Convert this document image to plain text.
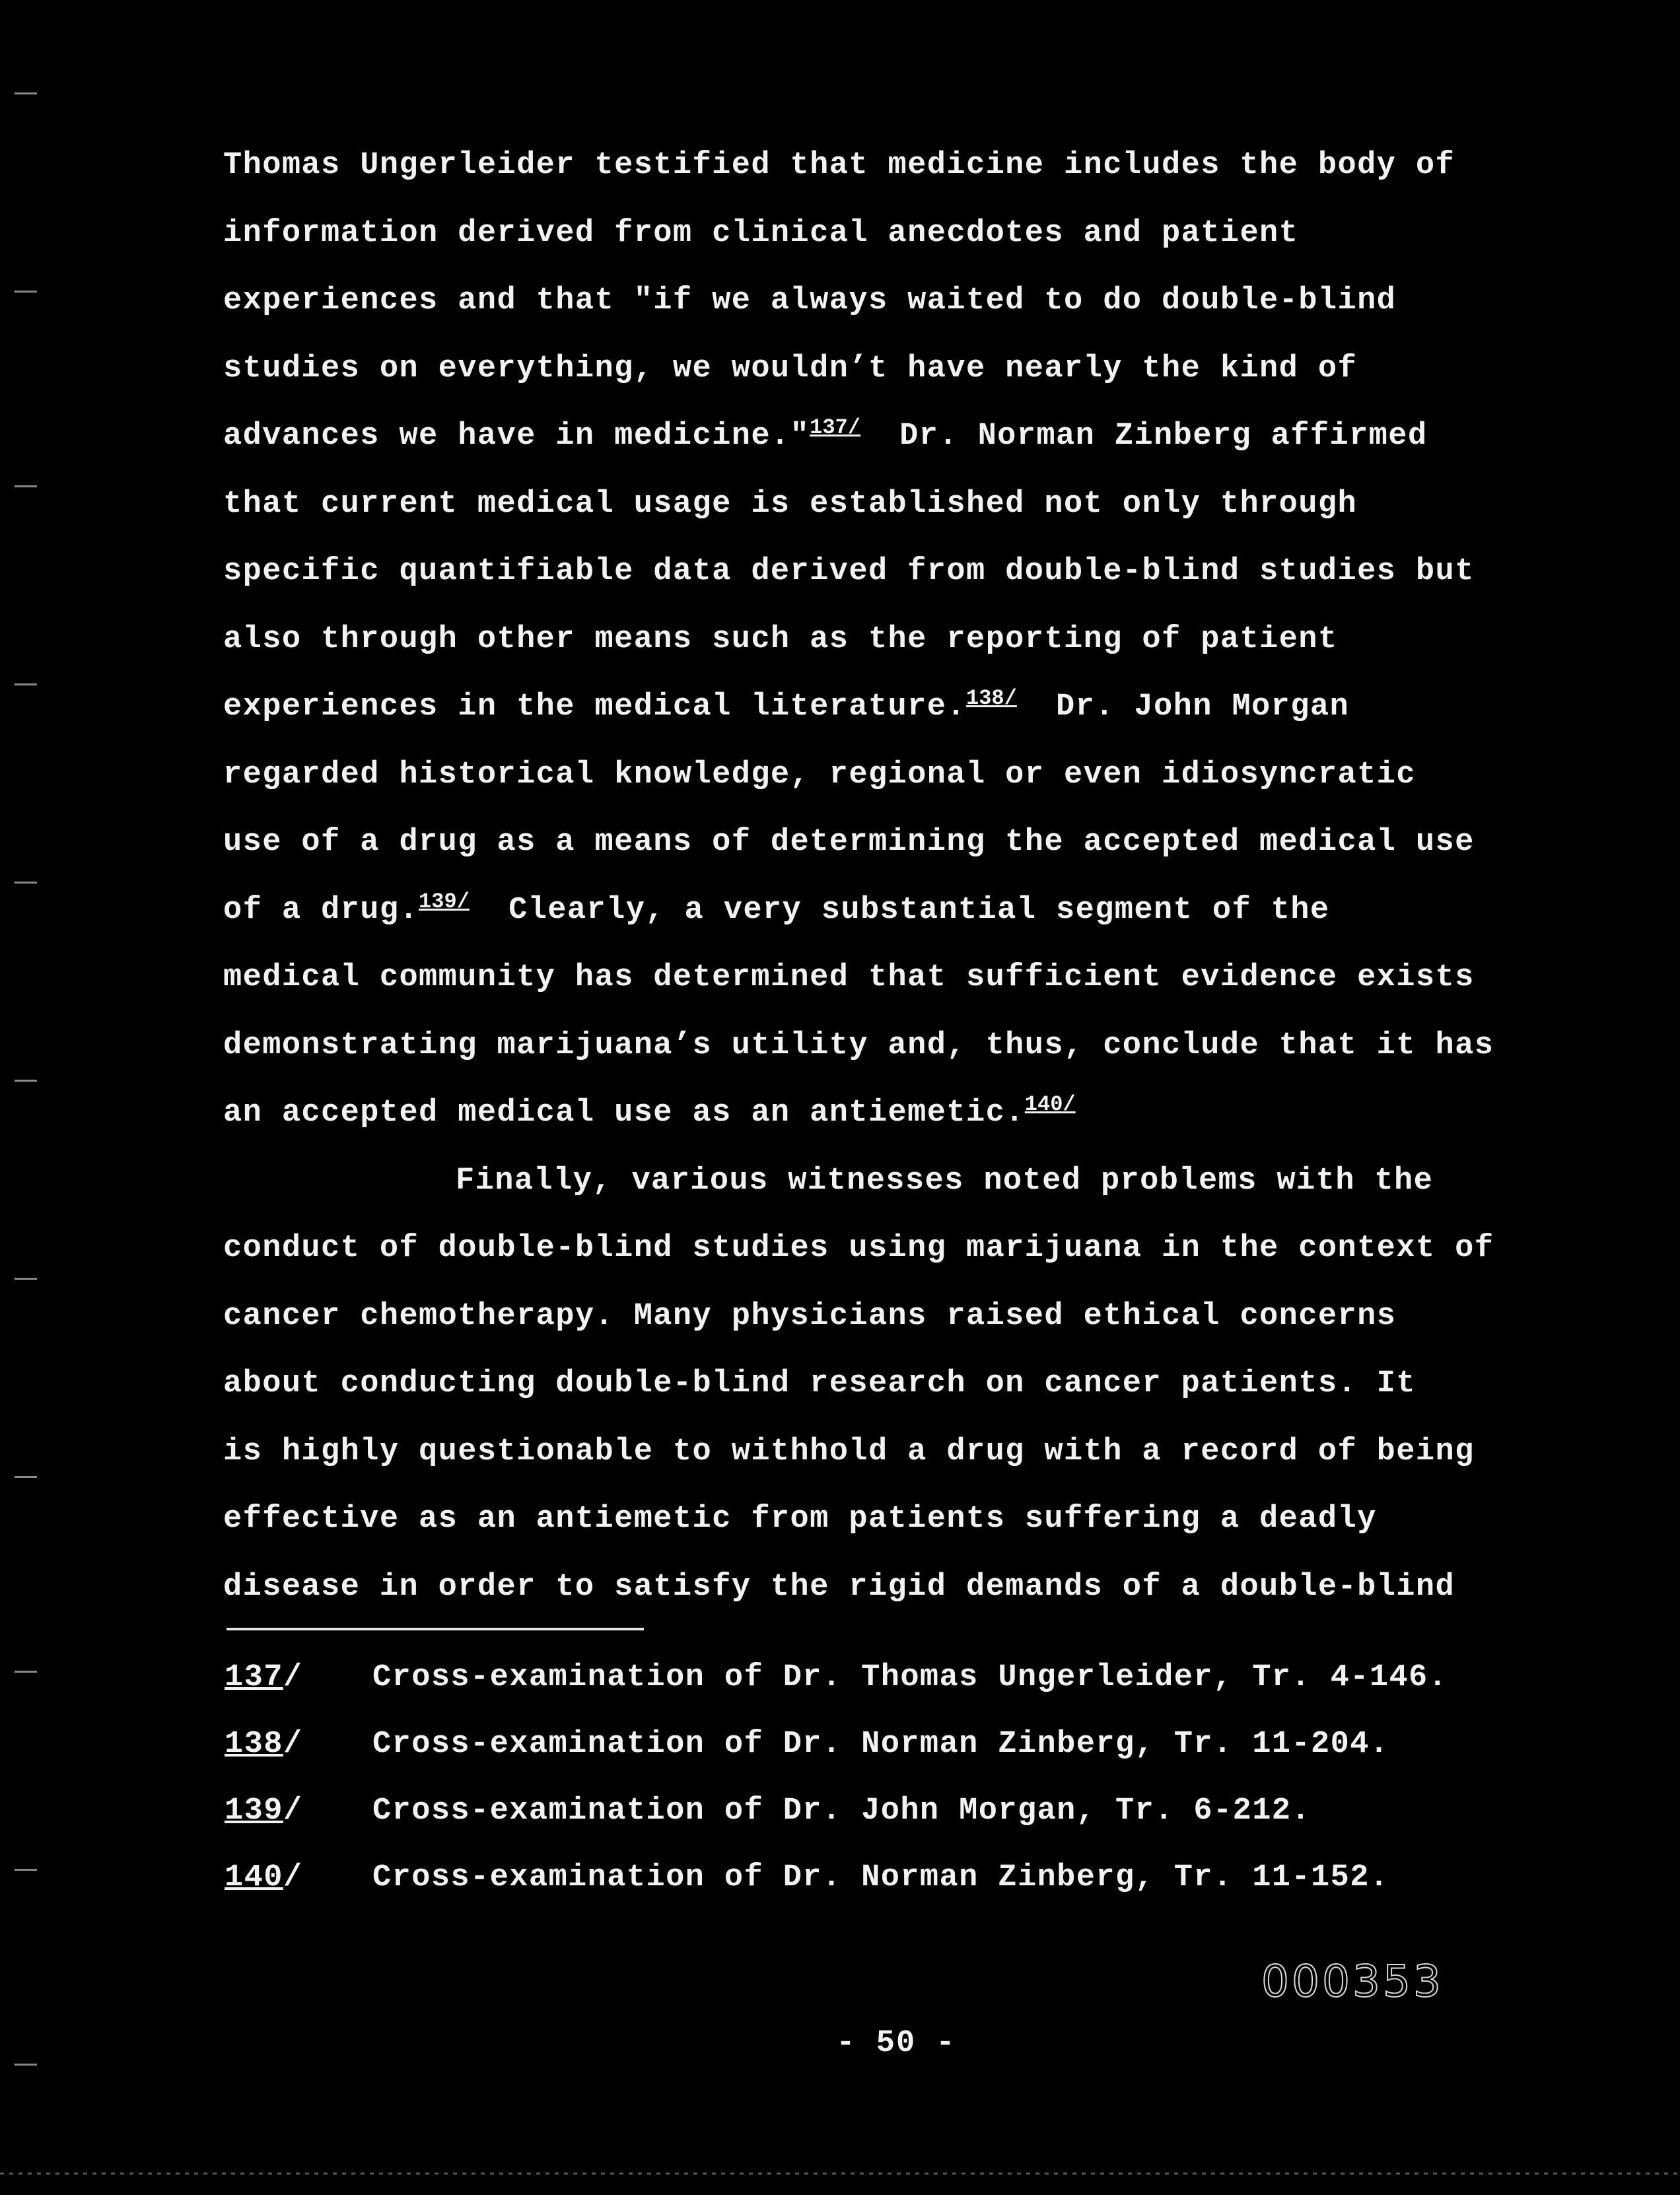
Thomas Ungerleider testified that medicine includes the body of
information derived from clinical anecdotes and patient
experiences and that "if we always waited to do double-blind
studies on everything, we wouldn’t have nearly the kind of
advances we have in medicine."$^{137/}$  Dr. Norman Zinberg affirmed
that current medical usage is established not only through
specific quantifiable data derived from double-blind studies but
also through other means such as the reporting of patient
experiences in the medical literature.$^{138/}$  Dr. John Morgan
regarded historical knowledge, regional or even idiosyncratic
use of a drug as a means of determining the accepted medical use
of a drug.$^{139/}$  Clearly, a very substantial segment of the
medical community has determined that sufficient evidence exists
demonstrating marijuana’s utility and, thus, conclude that it has
an accepted medical use as an antiemetic.$^{140/}$
Finally, various witnesses noted problems with the
conduct of double-blind studies using marijuana in the context of
cancer chemotherapy. Many physicians raised ethical concerns
about conducting double-blind research on cancer patients. It
is highly questionable to withhold a drug with a record of being
effective as an antiemetic from patients suffering a deadly
disease in order to satisfy the rigid demands of a double-blind
137/ Cross-examination of Dr. Thomas Ungerleider, Tr. 4-146.
138/ Cross-examination of Dr. Norman Zinberg, Tr. 11-204.
139/ Cross-examination of Dr. John Morgan, Tr. 6-212.
140/ Cross-examination of Dr. Norman Zinberg, Tr. 11-152.
000353
- 50 -
